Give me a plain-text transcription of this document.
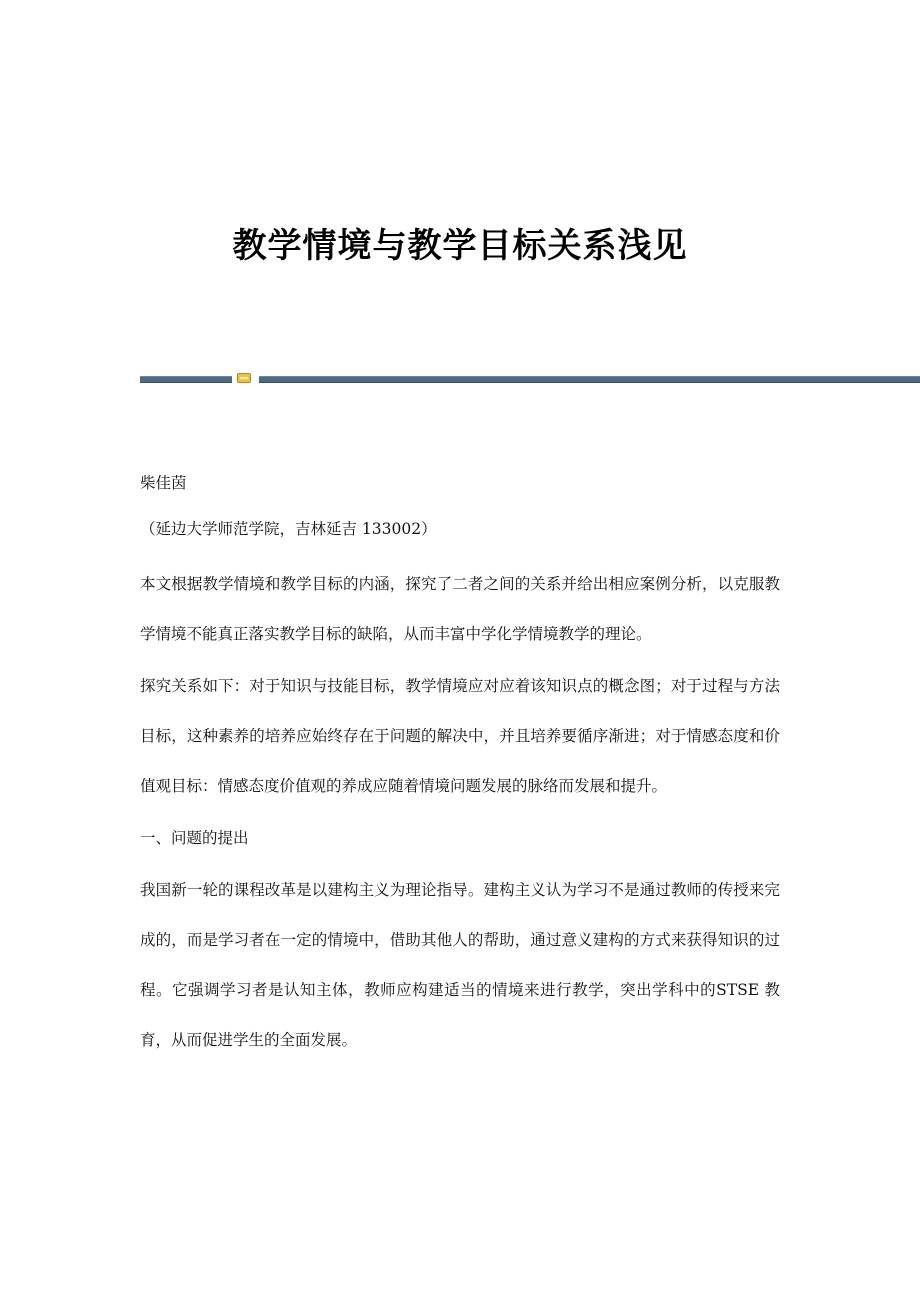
教学情境与教学目标关系浅见

柴佳茵

（延边大学师范学院，吉林延吉 133002）

本文根据教学情境和教学目标的内涵，探究了二者之间的关系并给出相应案例分析，以克服教学情境不能真正落实教学目标的缺陷，从而丰富中学化学情境教学的理论。

探究关系如下：对于知识与技能目标，教学情境应对应着该知识点的概念图；对于过程与方法目标，这种素养的培养应始终存在于问题的解决中，并且培养要循序渐进；对于情感态度和价值观目标：情感态度价值观的养成应随着情境问题发展的脉络而发展和提升。

一、问题的提出

我国新一轮的课程改革是以建构主义为理论指导。建构主义认为学习不是通过教师的传授来完成的，而是学习者在一定的情境中，借助其他人的帮助，通过意义建构的方式来获得知识的过程。它强调学习者是认知主体，教师应构建适当的情境来进行教学，突出学科中的STSE 教育，从而促进学生的全面发展。
